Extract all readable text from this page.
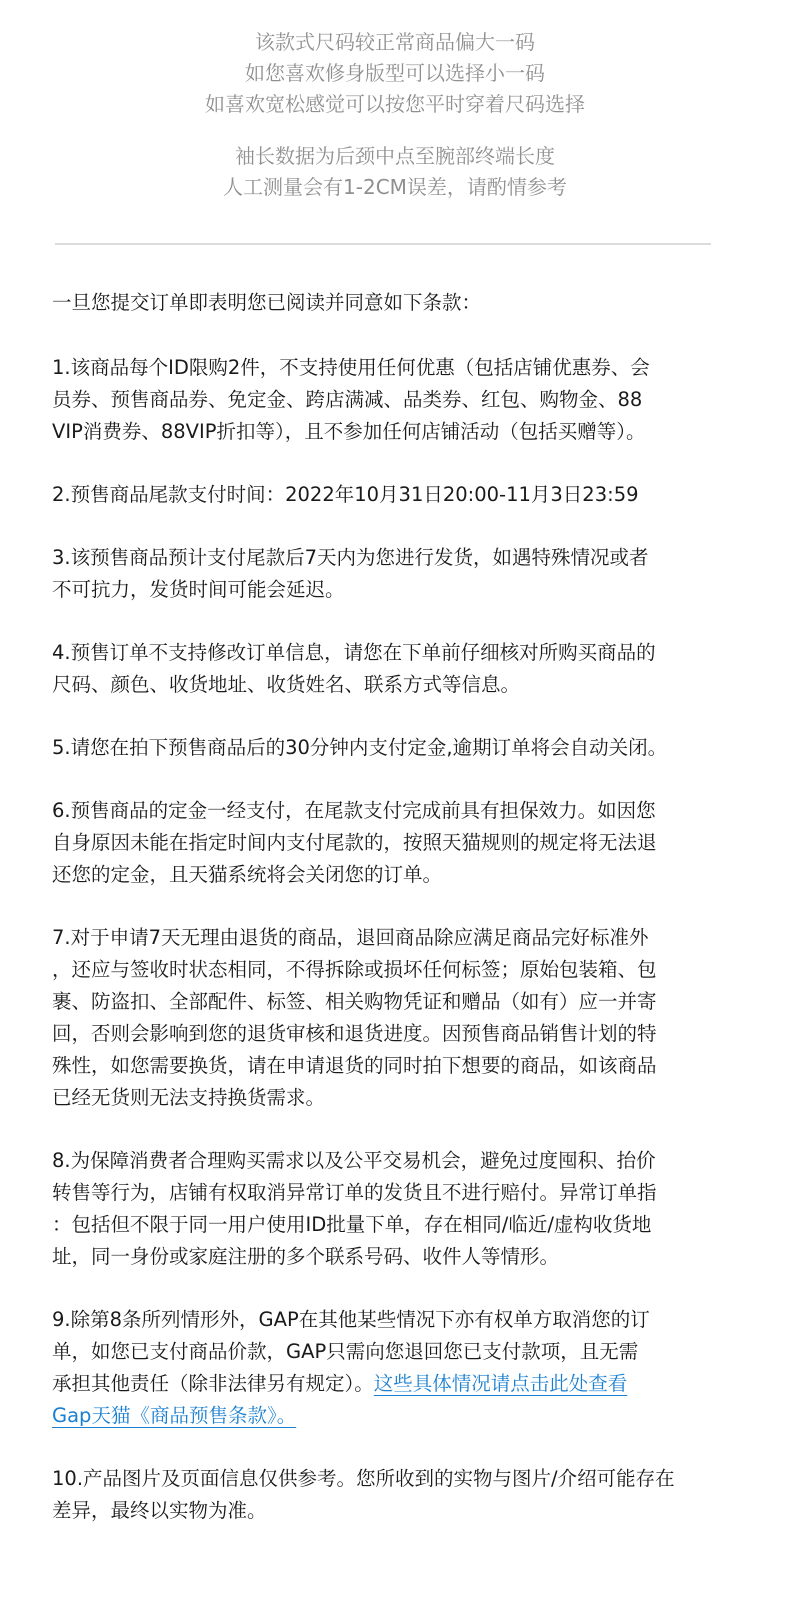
该款式尺码较正常商品偏大一码
如您喜欢修身版型可以选择小一码
如喜欢宽松感觉可以按您平时穿着尺码选择
袖长数据为后颈中点至腕部终端长度
人工测量会有1-2CM误差，请酌情参考

一旦您提交订单即表明您已阅读并同意如下条款：

1.该商品每个ID限购2件，不支持使用任何优惠（包括店铺优惠券、会
员券、预售商品券、免定金、跨店满减、品类券、红包、购物金、88
VIP消费券、88VIP折扣等），且不参加任何店铺活动（包括买赠等）。

2.预售商品尾款支付时间：2022年10月31日20:00-11月3日23:59

3.该预售商品预计支付尾款后7天内为您进行发货，如遇特殊情况或者
不可抗力，发货时间可能会延迟。

4.预售订单不支持修改订单信息，请您在下单前仔细核对所购买商品的
尺码、颜色、收货地址、收货姓名、联系方式等信息。

5.请您在拍下预售商品后的30分钟内支付定金,逾期订单将会自动关闭。

6.预售商品的定金一经支付，在尾款支付完成前具有担保效力。如因您
自身原因未能在指定时间内支付尾款的，按照天猫规则的规定将无法退
还您的定金，且天猫系统将会关闭您的订单。

7.对于申请7天无理由退货的商品，退回商品除应满足商品完好标准外
，还应与签收时状态相同，不得拆除或损坏任何标签；原始包装箱、包
裹、防盗扣、全部配件、标签、相关购物凭证和赠品（如有）应一并寄
回，否则会影响到您的退货审核和退货进度。因预售商品销售计划的特
殊性，如您需要换货，请在申请退货的同时拍下想要的商品，如该商品
已经无货则无法支持换货需求。

8.为保障消费者合理购买需求以及公平交易机会，避免过度囤积、抬价
转售等行为，店铺有权取消异常订单的发货且不进行赔付。异常订单指
：包括但不限于同一用户使用ID批量下单，存在相同/临近/虚构收货地
址，同一身份或家庭注册的多个联系号码、收件人等情形。

9.除第8条所列情形外，GAP在其他某些情况下亦有权单方取消您的订
单，如您已支付商品价款，GAP只需向您退回您已支付款项，且无需
承担其他责任（除非法律另有规定）。这些具体情况请点击此处查看
Gap天猫《商品预售条款》。

10.产品图片及页面信息仅供参考。您所收到的实物与图片/介绍可能存在
差异，最终以实物为准。
